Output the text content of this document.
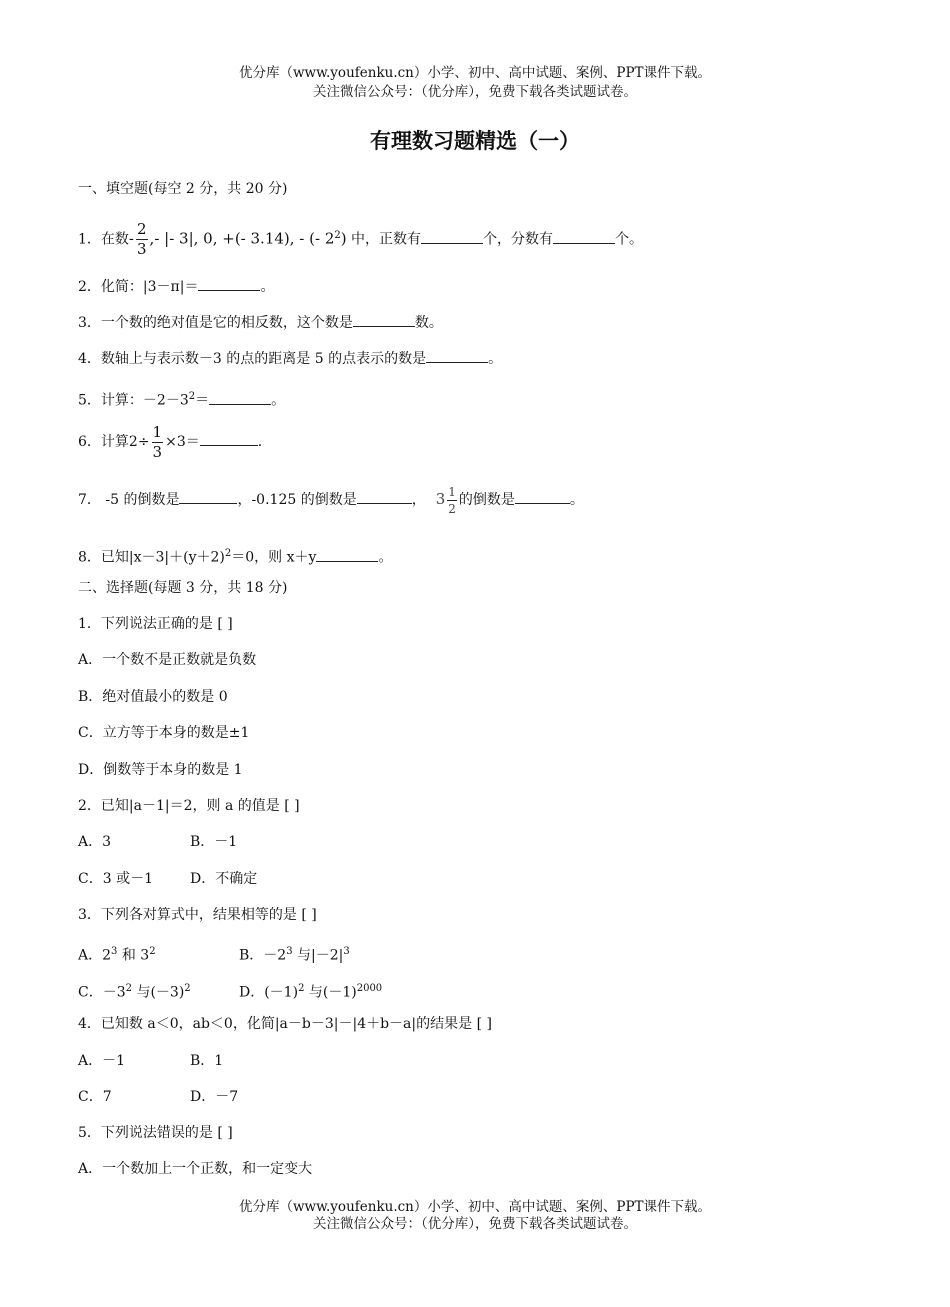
优分库（www.youfenku.cn）小学、初中、高中试题、案例、PPT课件下载。
关注微信公众号：（优分库），免费下载各类试题试卷。
有理数习题精选（一）
一、填空题(每空 2 分，共 20 分)
1．在数- $\frac{2}{3}$ ,- |- 3|, 0, +(- 3.14), - (- $2^2$) 中，正数有	个，分数有	个。
2．化简：|3－π|＝	。
3．一个数的绝对值是它的相反数，这个数是	数。
4．数轴上与表示数－3 的点的距离是 5 的点表示的数是	。
5．计算：$-2-3^2=$	。
6．计算$2\div \frac{1}{3} \times 3=$	.
7． -5 的倒数是	，-0.125 的倒数是	， $3 \frac{1}{2}$ 的倒数是	。
8．已知$|x-3|+(y+2)^2=0$，则 x＋y	。
二、选择题(每题 3 分，共 18 分)
1．下列说法正确的是 [ ]
A．一个数不是正数就是负数
B．绝对值最小的数是 0
C．立方等于本身的数是±1
D．倒数等于本身的数是 1
2．已知|a－1|＝2，则 a 的值是 [ ]
A．3	B．－1
C．3 或－1	D．不确定
3．下列各对算式中，结果相等的是 [ ]
A．$2^3$ 和 $3^2$	B．$-2^3$ 与$|-2|^3$
C．$-3^2$ 与$(-3)^2$	D．$(-1)^2$ 与$(-1)^{2000}$
4．已知数 a＜0，ab＜0，化简|a－b－3|－|4＋b－a|的结果是 [ ]
A．－1	B．1
C．7	D．－7
5．下列说法错误的是 [ ]
A．一个数加上一个正数，和一定变大
优分库（www.youfenku.cn）小学、初中、高中试题、案例、PPT课件下载。
关注微信公众号：（优分库），免费下载各类试题试卷。
